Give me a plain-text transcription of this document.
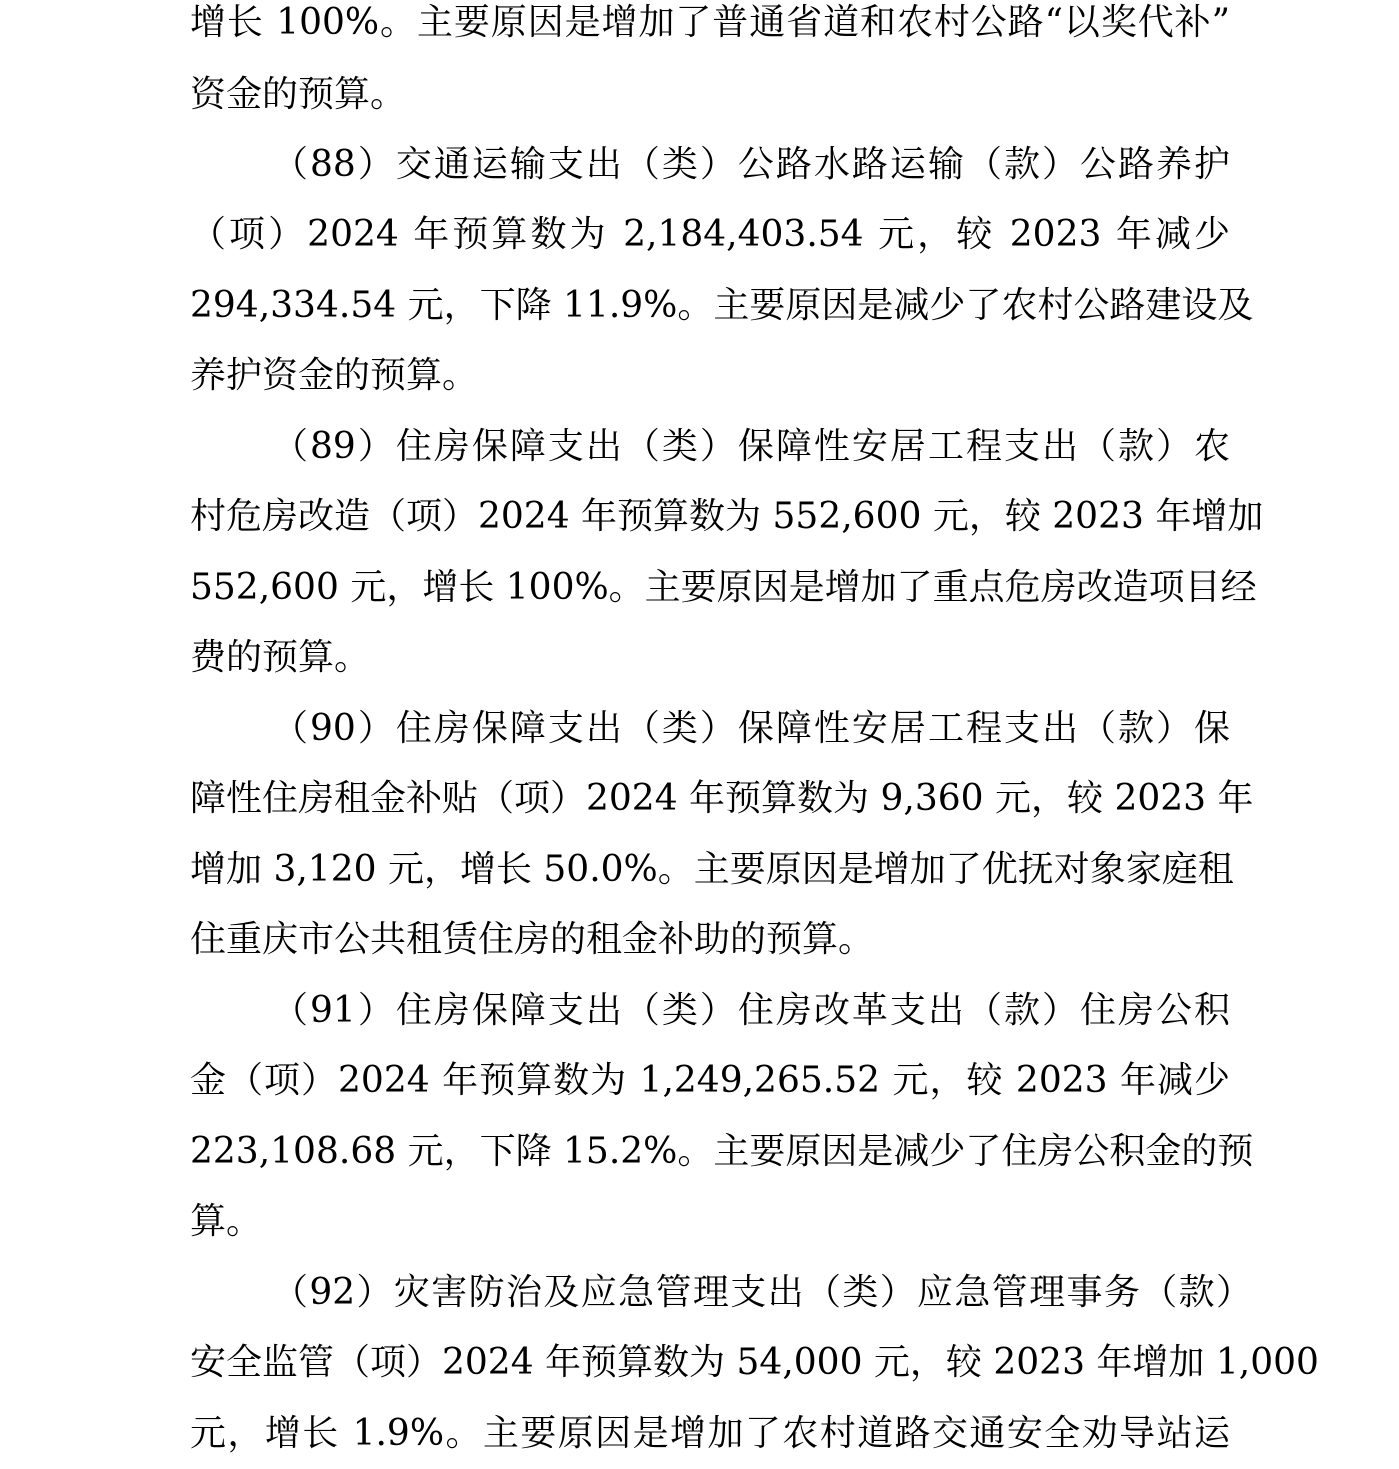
增长 100%。主要原因是增加了普通省道和农村公路“以奖代补”
资金的预算。
（88）交通运输支出（类）公路水路运输（款）公路养护
（项）2024 年预算数为 2,184,403.54 元，较 2023 年减少
294,334.54 元，下降 11.9%。主要原因是减少了农村公路建设及
养护资金的预算。
（89）住房保障支出（类）保障性安居工程支出（款）农
村危房改造（项）2024 年预算数为 552,600 元，较 2023 年增加
552,600 元，增长 100%。主要原因是增加了重点危房改造项目经
费的预算。
（90）住房保障支出（类）保障性安居工程支出（款）保
障性住房租金补贴（项）2024 年预算数为 9,360 元，较 2023 年
增加 3,120 元，增长 50.0%。主要原因是增加了优抚对象家庭租
住重庆市公共租赁住房的租金补助的预算。
（91）住房保障支出（类）住房改革支出（款）住房公积
金（项）2024 年预算数为 1,249,265.52 元，较 2023 年减少
223,108.68 元，下降 15.2%。主要原因是减少了住房公积金的预
算。
（92）灾害防治及应急管理支出（类）应急管理事务（款）
安全监管（项）2024 年预算数为 54,000 元，较 2023 年增加 1,000
元，增长 1.9%。主要原因是增加了农村道路交通安全劝导站运
